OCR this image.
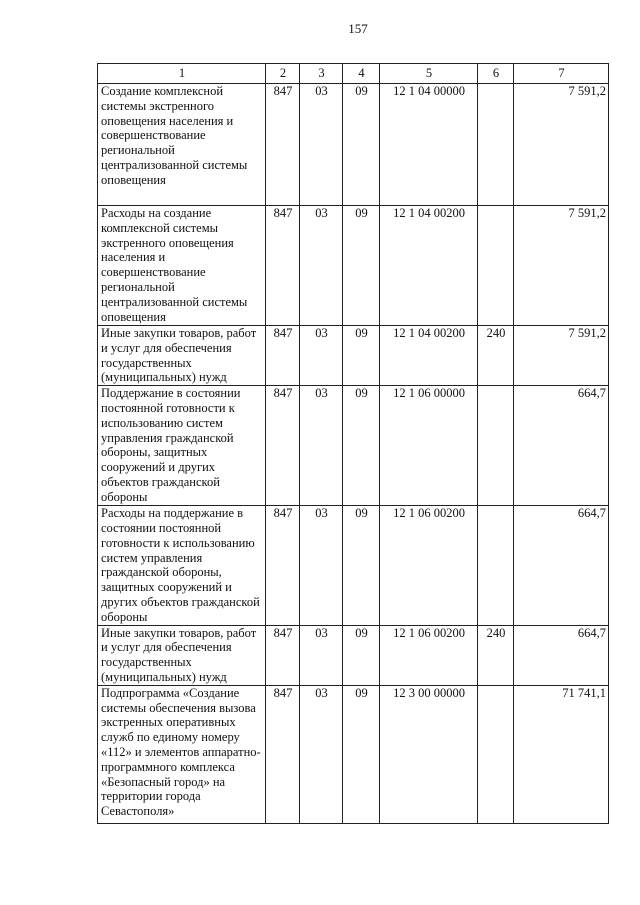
157
1	2	3	4	5	6	7
Создание комплексной системы экстренного оповещения населения и совершенствование региональной централизованной системы оповещения	847	03	09	12 1 04 00000		7 591,2
Расходы на создание комплексной системы экстренного оповещения населения и совершенствование региональной централизованной системы оповещения	847	03	09	12 1 04 00200		7 591,2
Иные закупки товаров, работ и услуг для обеспечения государственных (муниципальных) нужд	847	03	09	12 1 04 00200	240	7 591,2
Поддержание в состоянии постоянной готовности к использованию систем управления гражданской обороны, защитных сооружений и других объектов гражданской обороны	847	03	09	12 1 06 00000		664,7
Расходы на поддержание в состоянии постоянной готовности к использованию систем управления гражданской обороны, защитных сооружений и других объектов гражданской обороны	847	03	09	12 1 06 00200		664,7
Иные закупки товаров, работ и услуг для обеспечения государственных (муниципальных) нужд	847	03	09	12 1 06 00200	240	664,7
Подпрограмма «Создание системы обеспечения вызова экстренных оперативных служб по единому номеру «112» и элементов аппаратно-программного комплекса «Безопасный город» на территории города Севастополя»	847	03	09	12 3 00 00000		71 741,1
